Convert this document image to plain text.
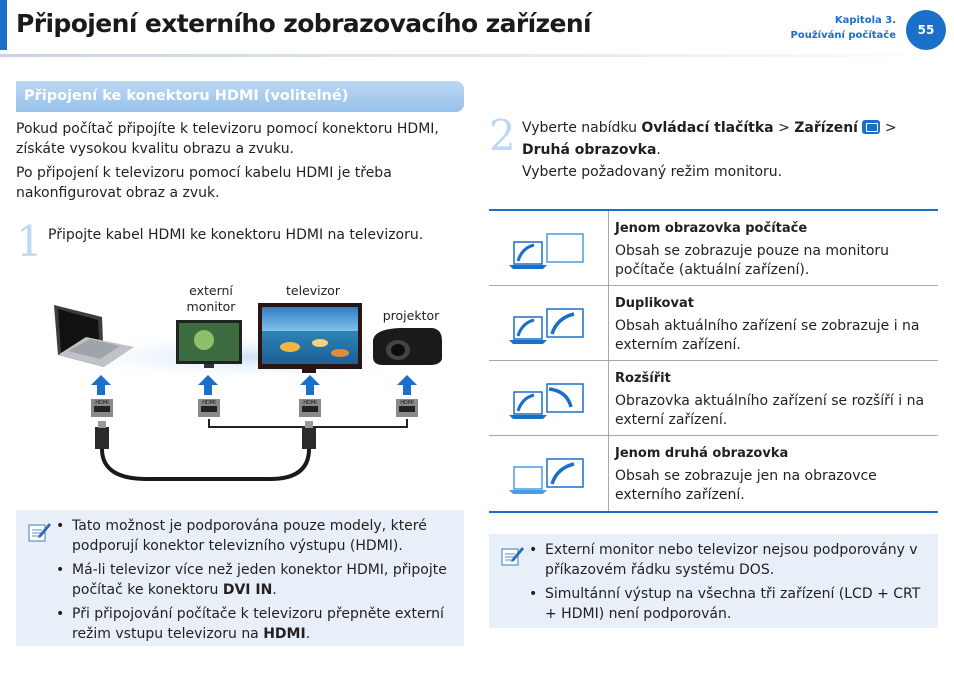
Připojení externího zobrazovacího zařízení	Kapitola 3.
Používání počítače	55
Připojení ke konektoru HDMI (volitelné)

Pokud počítač připojíte k televizoru pomocí konektoru HDMI, získáte vysokou kvalitu obrazu a zvuku.

Po připojení k televizoru pomocí kabelu HDMI je třeba nakonfigurovat obraz a zvuk.

1 Připojte kabel HDMI ke konektoru HDMI na televizoru.
externí
monitor
televizor
projektor
HDMI	HDMI	HDMI	HDMI
• Tato možnost je podporována pouze modely, které podporují konektor televizního výstupu (HDMI).
• Má-li televizor více než jeden konektor HDMI, připojte počítač ke konektoru DVI IN.
• Při připojování počítače k televizoru přepněte externí režim vstupu televizoru na HDMI.
2 Vyberte nabídku Ovládací tlačítka > Zařízení  > Druhá obrazovka.
Vyberte požadovaný režim monitoru.
Jenom obrazovka počítače
Obsah se zobrazuje pouze na monitoru počítače (aktuální zařízení).
Duplikovat
Obsah aktuálního zařízení se zobrazuje i na externím zařízení.
Rozšířit
Obrazovka aktuálního zařízení se rozšíří i na externí zařízení.
Jenom druhá obrazovka
Obsah se zobrazuje jen na obrazovce externího zařízení.
• Externí monitor nebo televizor nejsou podporovány v příkazovém řádku systému DOS.
• Simultánní výstup na všechna tři zařízení (LCD + CRT + HDMI) není podporován.
